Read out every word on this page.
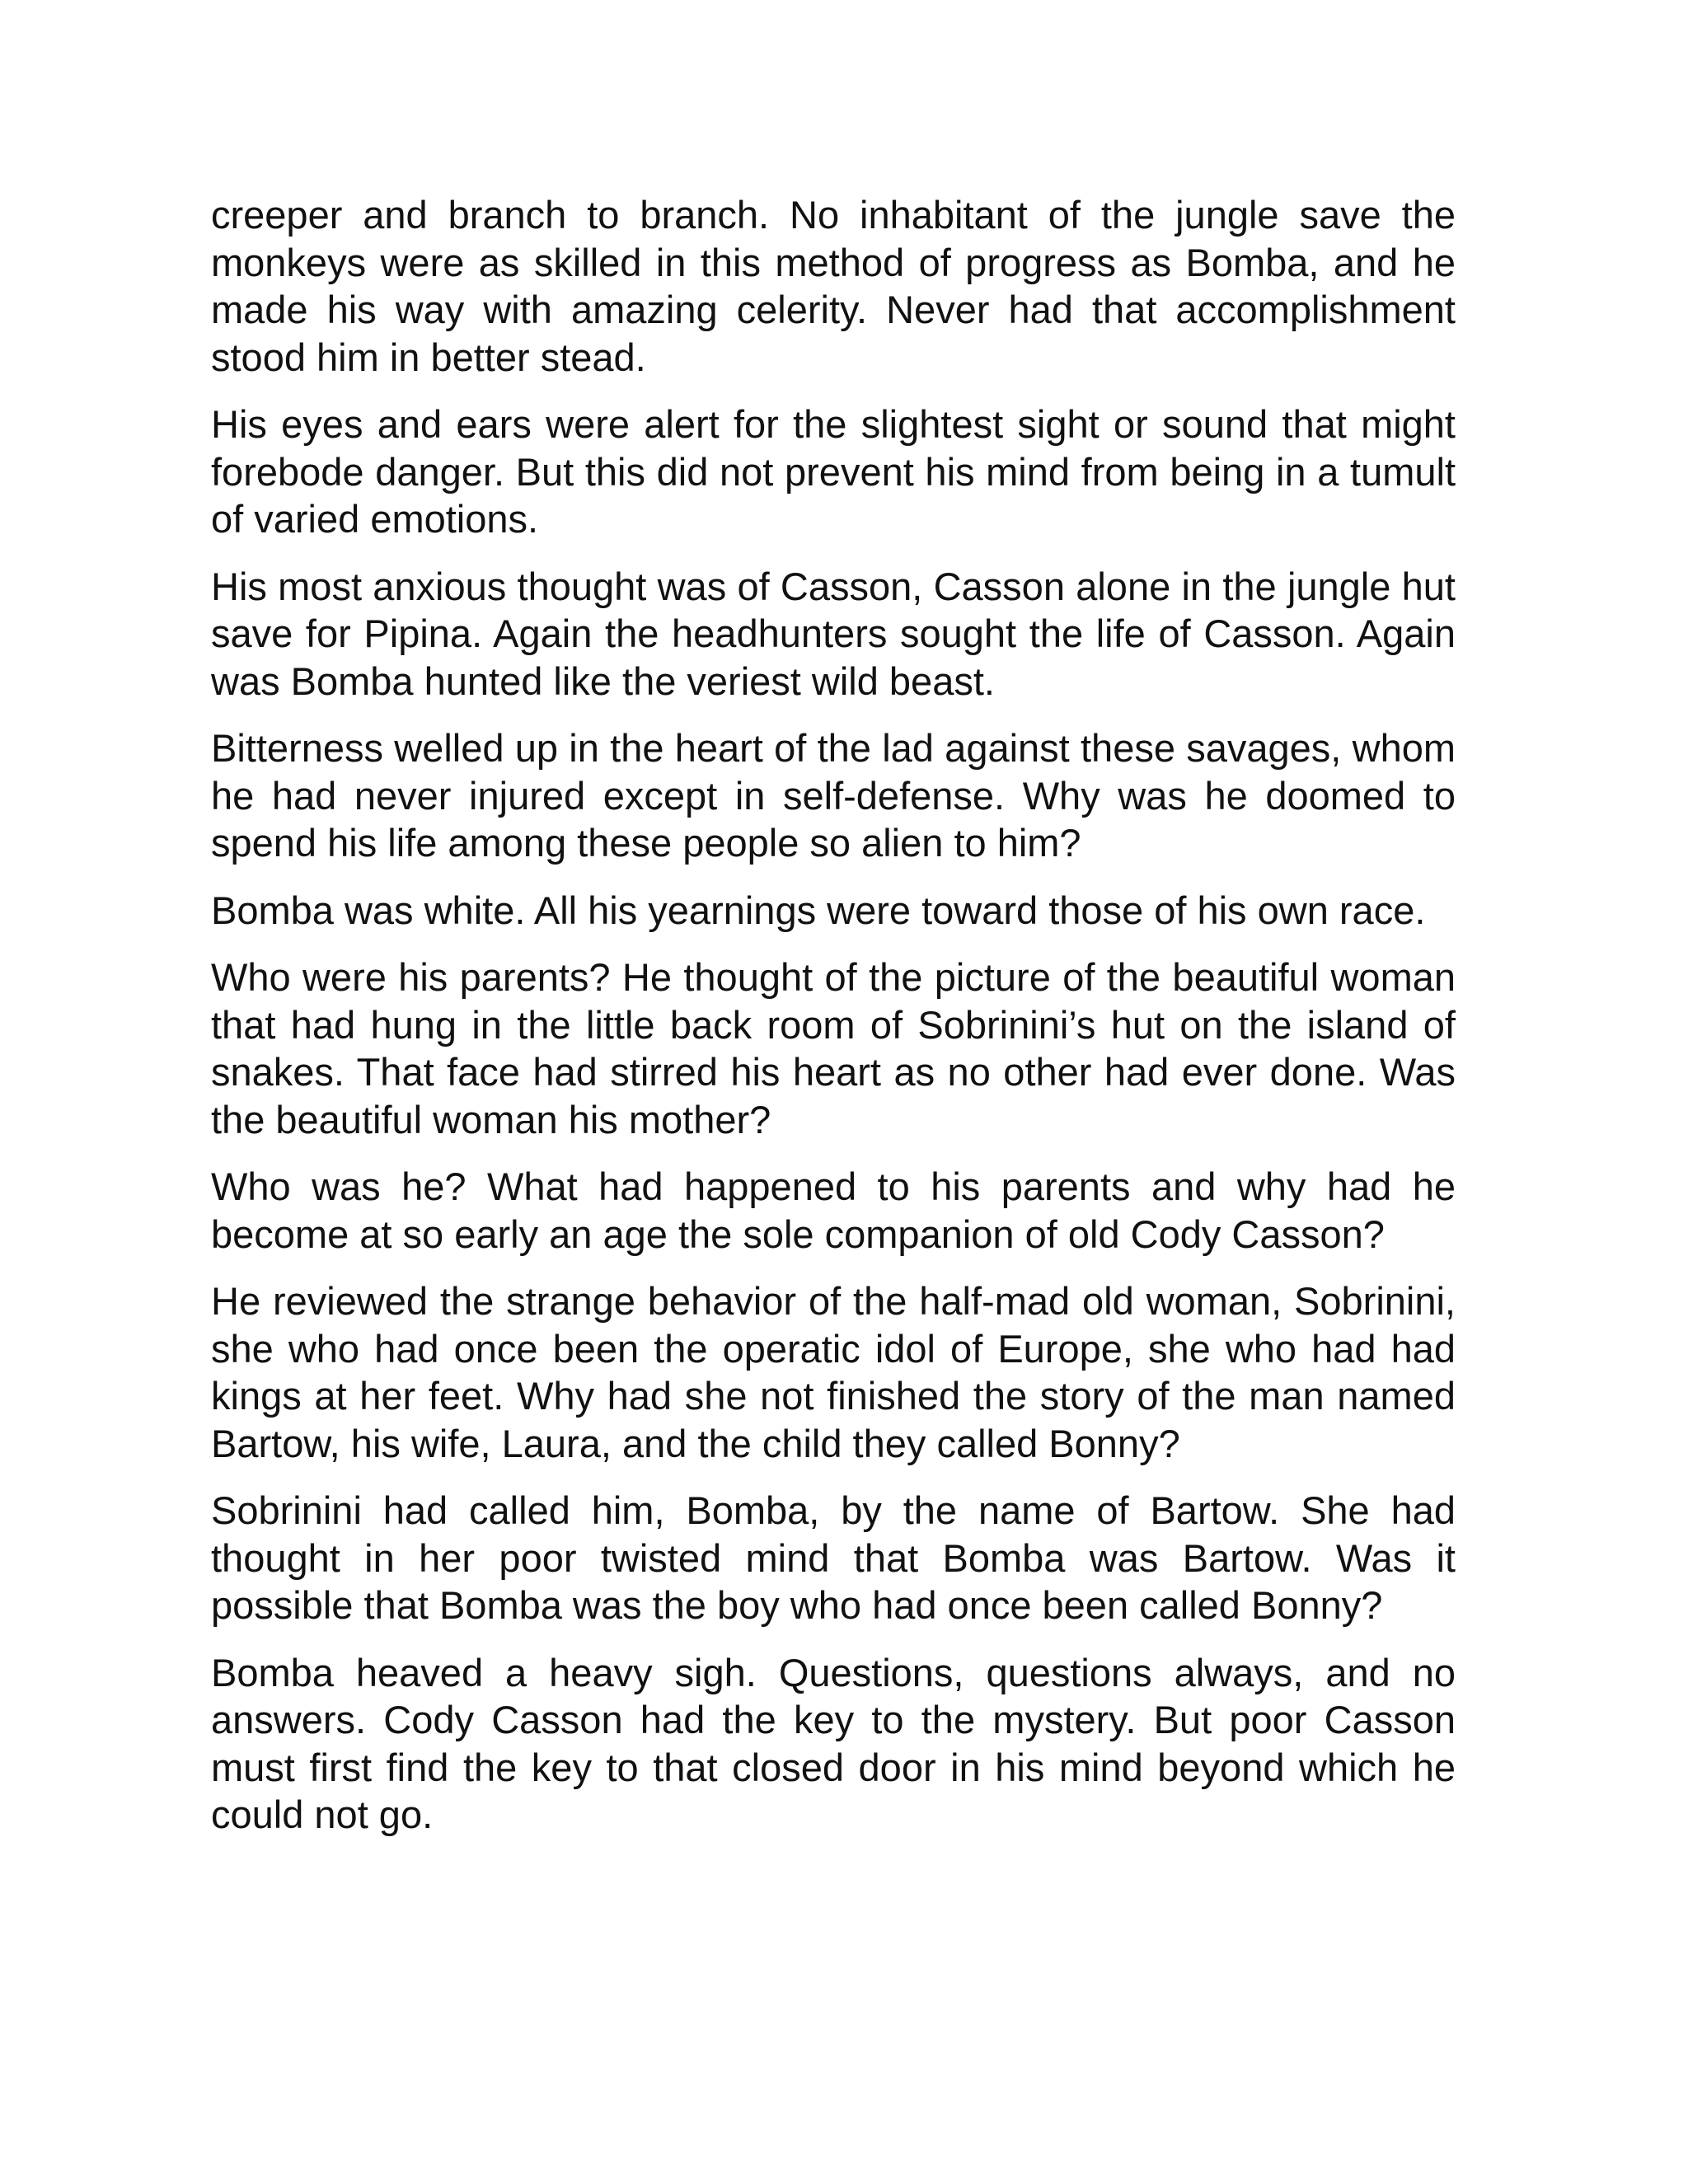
creeper and branch to branch. No inhabitant of the jungle save the monkeys were as skilled in this method of progress as Bomba, and he made his way with amazing celerity. Never had that accomplishment stood him in better stead.

His eyes and ears were alert for the slightest sight or sound that might forebode danger. But this did not prevent his mind from being in a tumult of varied emotions.

His most anxious thought was of Casson, Casson alone in the jungle hut save for Pipina. Again the headhunters sought the life of Casson. Again was Bomba hunted like the veriest wild beast.

Bitterness welled up in the heart of the lad against these savages, whom he had never injured except in self-defense. Why was he doomed to spend his life among these people so alien to him?

Bomba was white. All his yearnings were toward those of his own race.

Who were his parents? He thought of the picture of the beautiful woman that had hung in the little back room of Sobrinini’s hut on the island of snakes. That face had stirred his heart as no other had ever done. Was the beautiful woman his mother?

Who was he? What had happened to his parents and why had he become at so early an age the sole companion of old Cody Casson?

He reviewed the strange behavior of the half-mad old woman, Sobrinini, she who had once been the operatic idol of Europe, she who had had kings at her feet. Why had she not finished the story of the man named Bartow, his wife, Laura, and the child they called Bonny?

Sobrinini had called him, Bomba, by the name of Bartow. She had thought in her poor twisted mind that Bomba was Bartow. Was it possible that Bomba was the boy who had once been called Bonny?

Bomba heaved a heavy sigh. Questions, questions always, and no answers. Cody Casson had the key to the mystery. But poor Casson must first find the key to that closed door in his mind beyond which he could not go.
